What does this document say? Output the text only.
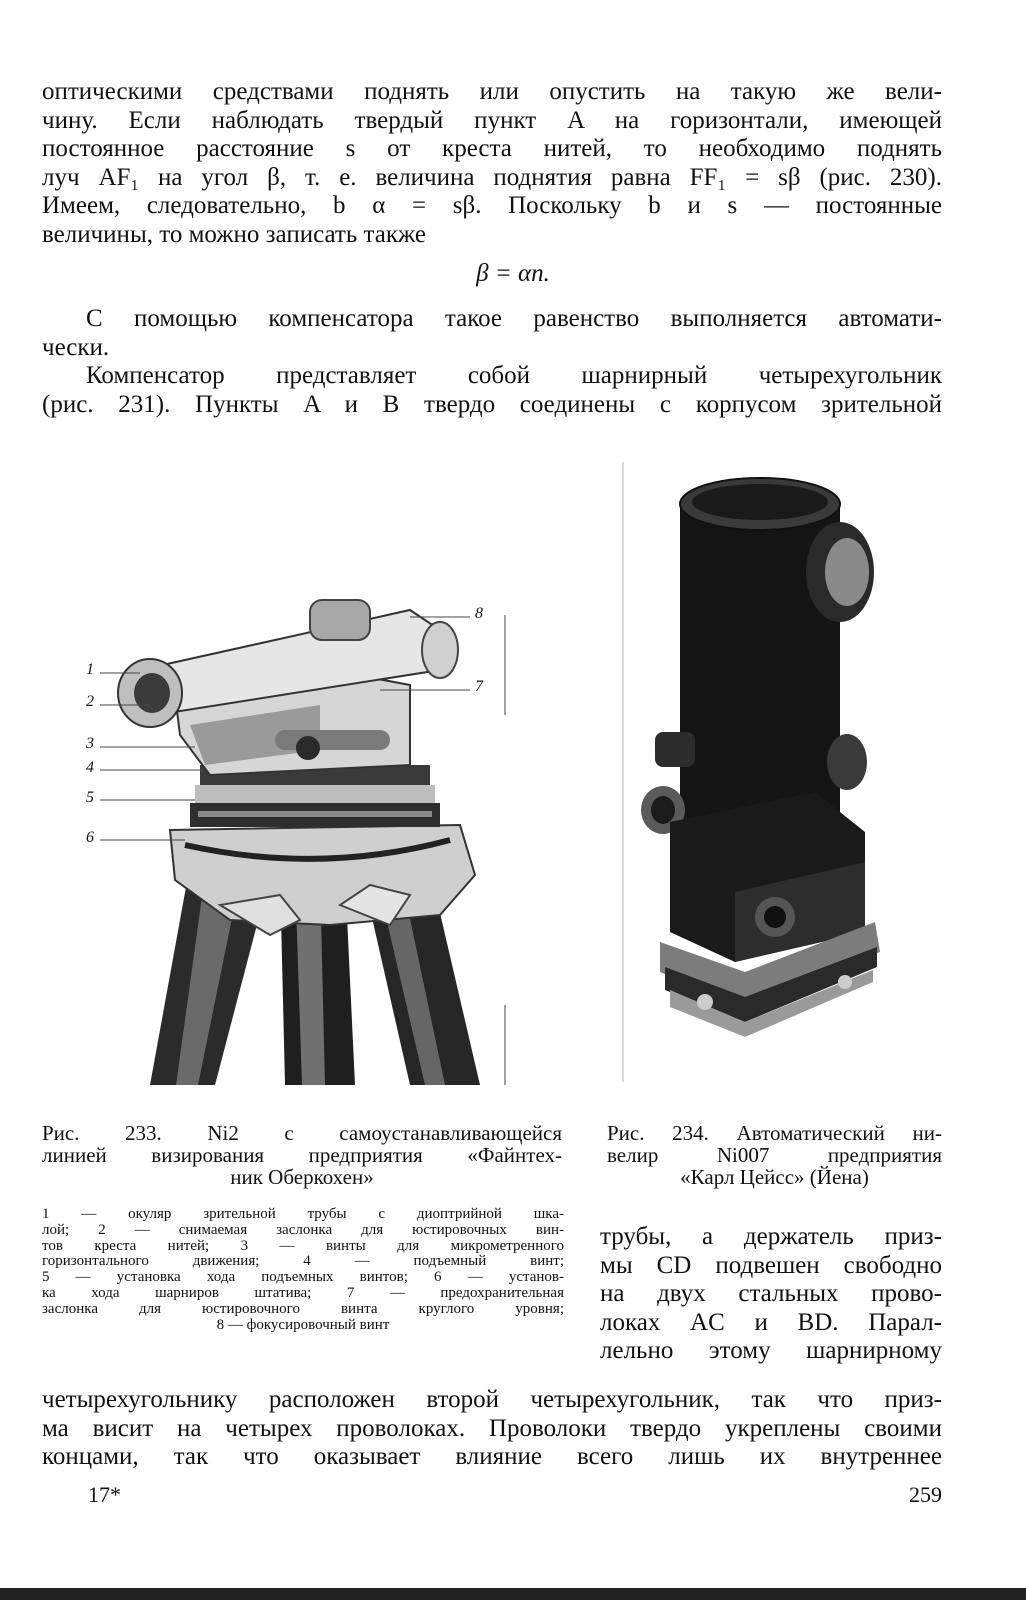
оптическими средствами поднять или опустить на такую же вели-
чину. Если наблюдать твердый пункт A на горизонтали, имеющей
постоянное расстояние s от креста нитей, то необходимо поднять
луч AF₁ на угол β, т. е. величина поднятия равна FF₁ = sβ (рис. 230).
Имеем, следовательно, b α = sβ. Поскольку b и s — постоянные
величины, то можно записать также
β = αn.
С помощью компенсатора такое равенство выполняется автомати-
чески.
Компенсатор представляет собой шарнирный четырехугольник
(рис. 231). Пункты A и B твердо соединены с корпусом зрительной
1
2
3
4
5
6
7
8
Рис. 233. Ni2 с самоустанавливающейся
линией визирования предприятия «Файнтех-
ник Оберкохен»
1 — окуляр зрительной трубы с диоптрийной шка-
лой; 2 — снимаемая заслонка для юстировочных вин-
тов креста нитей; 3 — винты для микрометренного
горизонтального движения; 4 — подъемный винт;
5 — установка хода подъемных винтов; 6 — установ-
ка хода шарниров штатива; 7 — предохранительная
заслонка для юстировочного винта круглого уровня;
8 — фокусировочный винт
Рис. 234. Автоматический ни-
велир Ni007 предприятия
«Карл Цейсс» (Йена)
трубы, а держатель приз-
мы CD подвешен свободно
на двух стальных прово-
локах AC и BD. Парал-
лельно этому шарнирному
четырехугольнику расположен второй четырехугольник, так что приз-
ма висит на четырех проволоках. Проволоки твердо укреплены своими
концами, так что оказывает влияние всего лишь их внутреннее
17*	259
